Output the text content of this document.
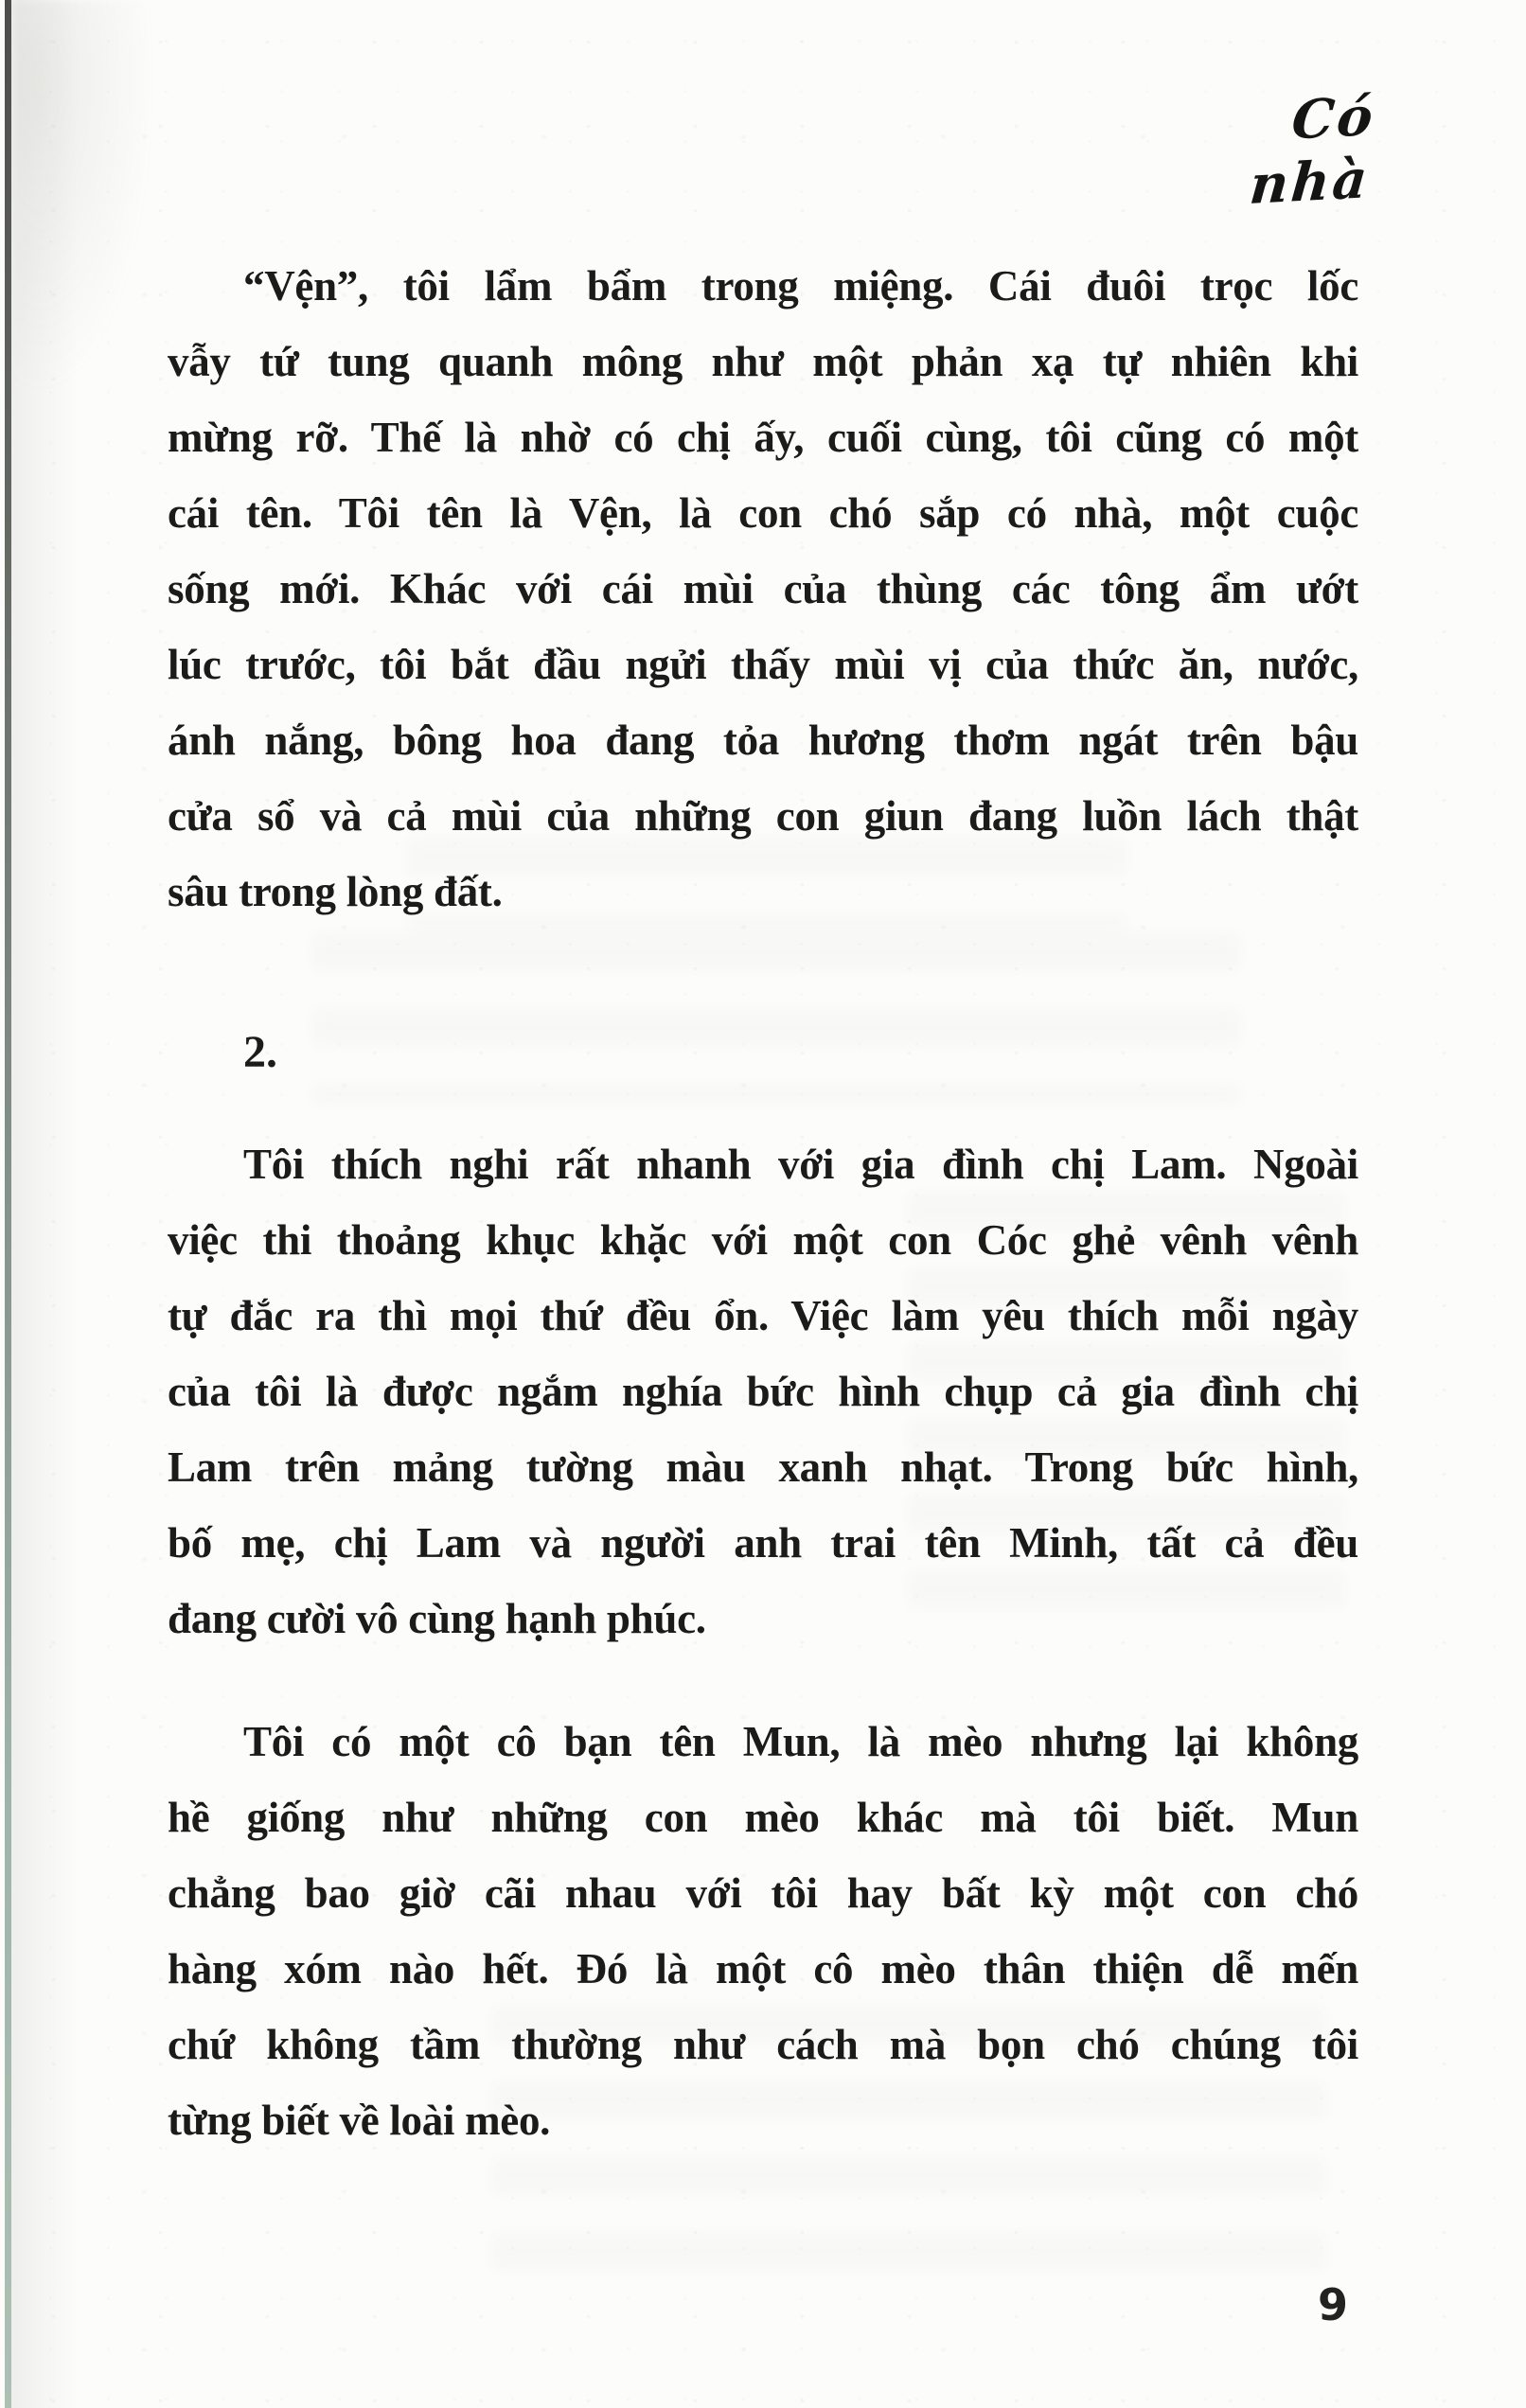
Có nhà
“Vện”, tôi lẩm bẩm trong miệng. Cái đuôi trọc lốc
vẫy tứ tung quanh mông như một phản xạ tự nhiên khi
mừng rỡ. Thế là nhờ có chị ấy, cuối cùng, tôi cũng có một
cái tên. Tôi tên là Vện, là con chó sắp có nhà, một cuộc
sống mới. Khác với cái mùi của thùng các tông ẩm ướt
lúc trước, tôi bắt đầu ngửi thấy mùi vị của thức ăn, nước,
ánh nắng, bông hoa đang tỏa hương thơm ngát trên bậu
cửa sổ và cả mùi của những con giun đang luồn lách thật
sâu trong lòng đất.
2.
Tôi thích nghi rất nhanh với gia đình chị Lam. Ngoài
việc thi thoảng khục khặc với một con Cóc ghẻ vênh vênh
tự đắc ra thì mọi thứ đều ổn. Việc làm yêu thích mỗi ngày
của tôi là được ngắm nghía bức hình chụp cả gia đình chị
Lam trên mảng tường màu xanh nhạt. Trong bức hình,
bố mẹ, chị Lam và người anh trai tên Minh, tất cả đều
đang cười vô cùng hạnh phúc.
Tôi có một cô bạn tên Mun, là mèo nhưng lại không
hề giống như những con mèo khác mà tôi biết. Mun
chẳng bao giờ cãi nhau với tôi hay bất kỳ một con chó
hàng xóm nào hết. Đó là một cô mèo thân thiện dễ mến
chứ không tầm thường như cách mà bọn chó chúng tôi
từng biết về loài mèo.
9
